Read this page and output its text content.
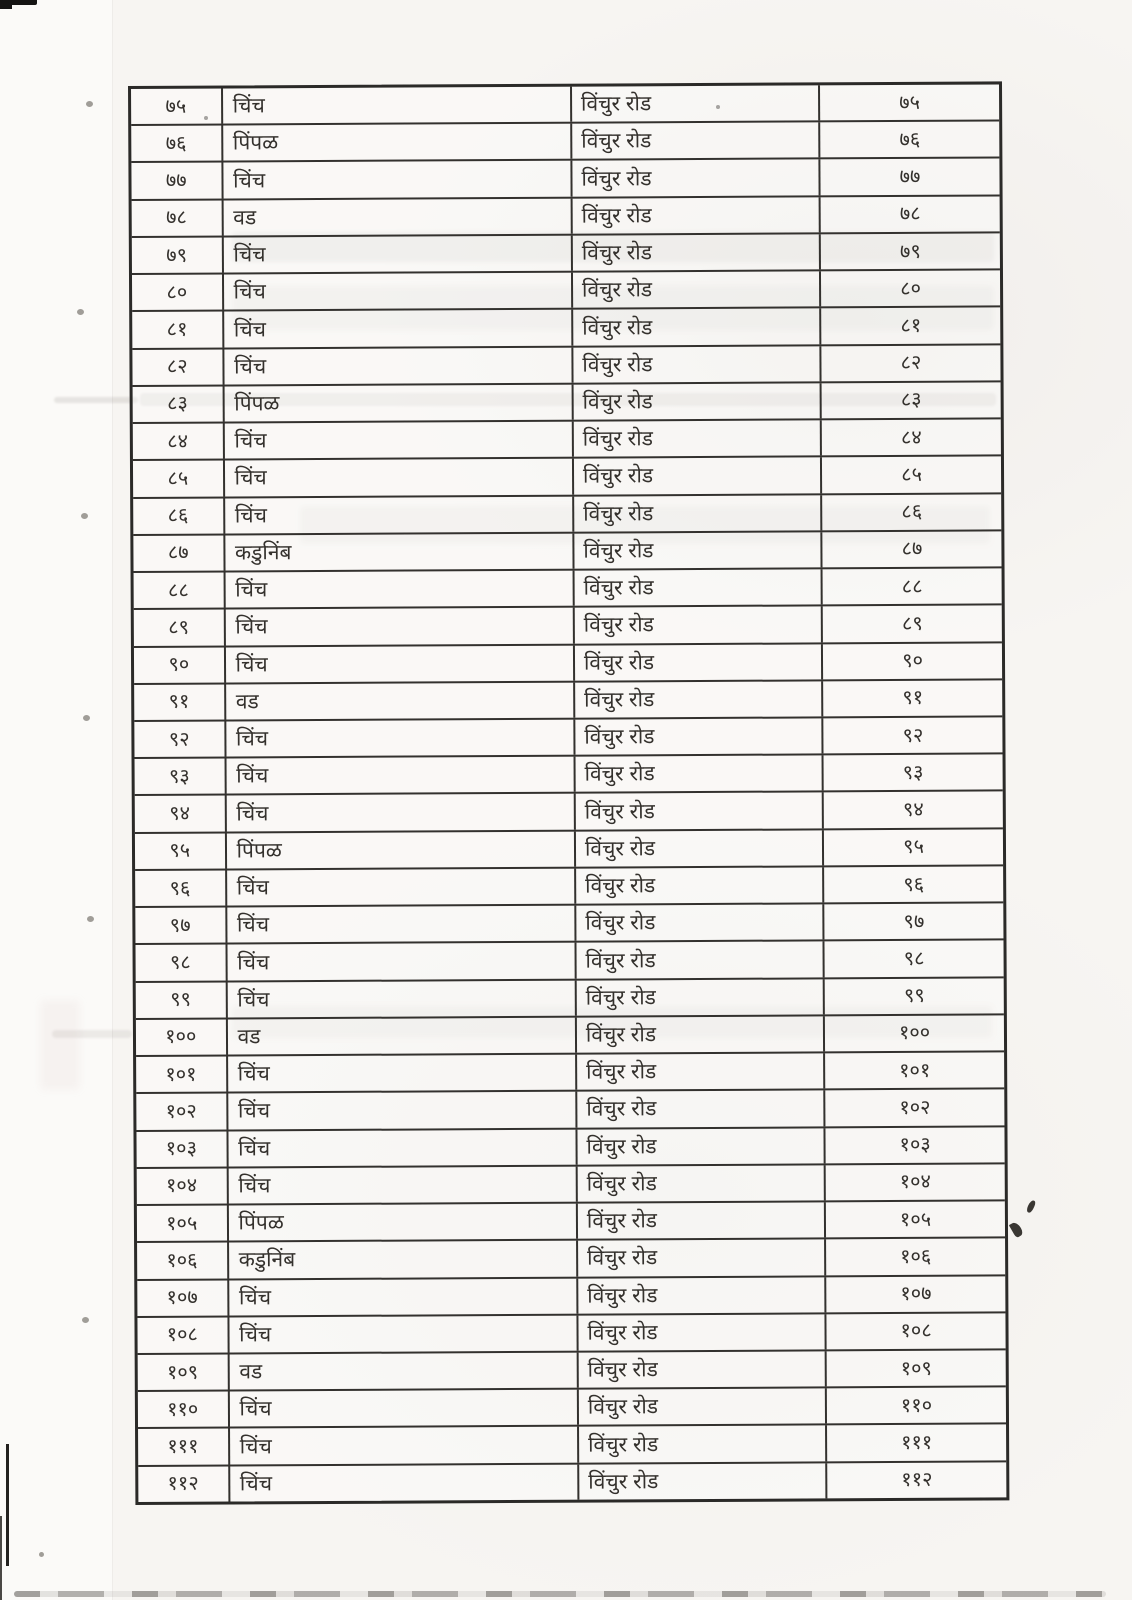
७५	चिंच	विंचुर रोड	७५
७६	पिंपळ	विंचुर रोड	७६
७७	चिंच	विंचुर रोड	७७
७८	वड	विंचुर रोड	७८
७९	चिंच	विंचुर रोड	७९
८०	चिंच	विंचुर रोड	८०
८१	चिंच	विंचुर रोड	८१
८२	चिंच	विंचुर रोड	८२
८३	पिंपळ	विंचुर रोड	८३
८४	चिंच	विंचुर रोड	८४
८५	चिंच	विंचुर रोड	८५
८६	चिंच	विंचुर रोड	८६
८७	कडुनिंब	विंचुर रोड	८७
८८	चिंच	विंचुर रोड	८८
८९	चिंच	विंचुर रोड	८९
९०	चिंच	विंचुर रोड	९०
९१	वड	विंचुर रोड	९१
९२	चिंच	विंचुर रोड	९२
९३	चिंच	विंचुर रोड	९३
९४	चिंच	विंचुर रोड	९४
९५	पिंपळ	विंचुर रोड	९५
९६	चिंच	विंचुर रोड	९६
९७	चिंच	विंचुर रोड	९७
९८	चिंच	विंचुर रोड	९८
९९	चिंच	विंचुर रोड	९९
१००	वड	विंचुर रोड	१००
१०१	चिंच	विंचुर रोड	१०१
१०२	चिंच	विंचुर रोड	१०२
१०३	चिंच	विंचुर रोड	१०३
१०४	चिंच	विंचुर रोड	१०४
१०५	पिंपळ	विंचुर रोड	१०५
१०६	कडुनिंब	विंचुर रोड	१०६
१०७	चिंच	विंचुर रोड	१०७
१०८	चिंच	विंचुर रोड	१०८
१०९	वड	विंचुर रोड	१०९
११०	चिंच	विंचुर रोड	११०
१११	चिंच	विंचुर रोड	१११
११२	चिंच	विंचुर रोड	११२
